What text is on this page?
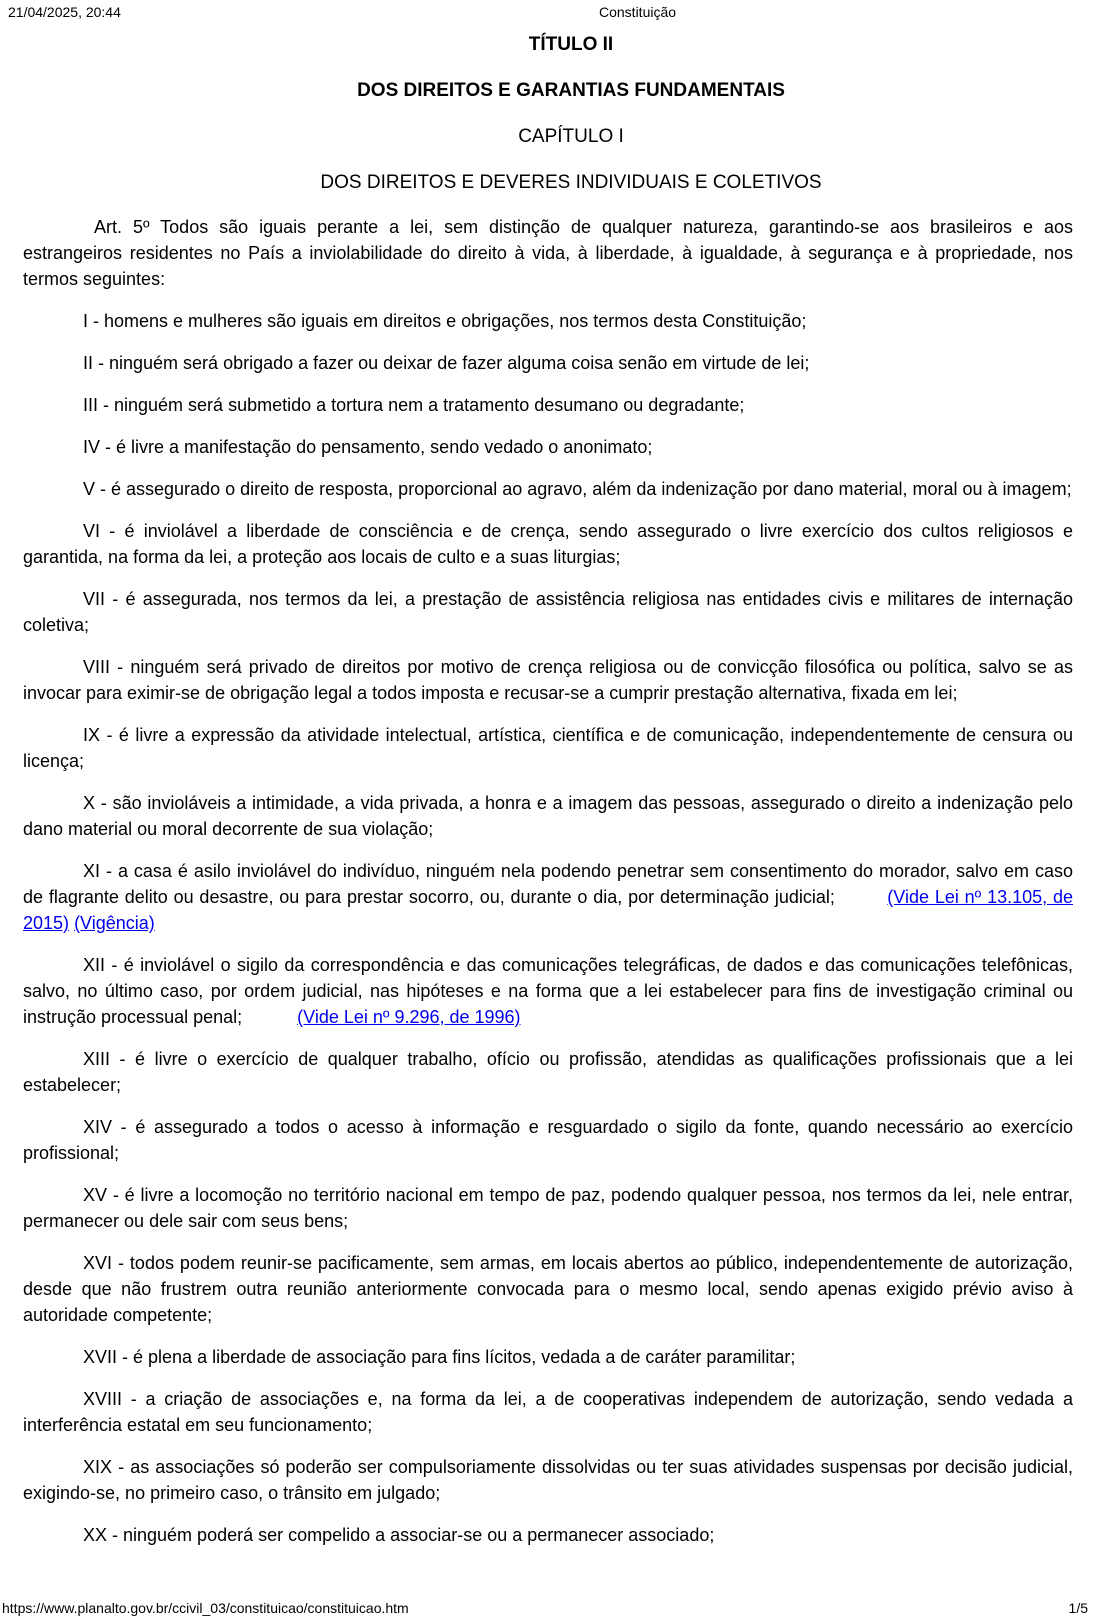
21/04/2025, 20:44	Constituição

TÍTULO II

DOS DIREITOS E GARANTIAS FUNDAMENTAIS

CAPÍTULO I

DOS DIREITOS E DEVERES INDIVIDUAIS E COLETIVOS

Art. 5º Todos são iguais perante a lei, sem distinção de qualquer natureza, garantindo-se aos brasileiros e aos estrangeiros residentes no País a inviolabilidade do direito à vida, à liberdade, à igualdade, à segurança e à propriedade, nos termos seguintes:

I - homens e mulheres são iguais em direitos e obrigações, nos termos desta Constituição;

II - ninguém será obrigado a fazer ou deixar de fazer alguma coisa senão em virtude de lei;

III - ninguém será submetido a tortura nem a tratamento desumano ou degradante;

IV - é livre a manifestação do pensamento, sendo vedado o anonimato;

V - é assegurado o direito de resposta, proporcional ao agravo, além da indenização por dano material, moral ou à imagem;

VI - é inviolável a liberdade de consciência e de crença, sendo assegurado o livre exercício dos cultos religiosos e garantida, na forma da lei, a proteção aos locais de culto e a suas liturgias;

VII - é assegurada, nos termos da lei, a prestação de assistência religiosa nas entidades civis e militares de internação coletiva;

VIII - ninguém será privado de direitos por motivo de crença religiosa ou de convicção filosófica ou política, salvo se as invocar para eximir-se de obrigação legal a todos imposta e recusar-se a cumprir prestação alternativa, fixada em lei;

IX - é livre a expressão da atividade intelectual, artística, científica e de comunicação, independentemente de censura ou licença;

X - são invioláveis a intimidade, a vida privada, a honra e a imagem das pessoas, assegurado o direito a indenização pelo dano material ou moral decorrente de sua violação;

XI - a casa é asilo inviolável do indivíduo, ninguém nela podendo penetrar sem consentimento do morador, salvo em caso de flagrante delito ou desastre, ou para prestar socorro, ou, durante o dia, por determinação judicial;         (Vide Lei nº 13.105, de 2015) (Vigência)

XII - é inviolável o sigilo da correspondência e das comunicações telegráficas, de dados e das comunicações telefônicas, salvo, no último caso, por ordem judicial, nas hipóteses e na forma que a lei estabelecer para fins de investigação criminal ou instrução processual penal;           (Vide Lei nº 9.296, de 1996)

XIII - é livre o exercício de qualquer trabalho, ofício ou profissão, atendidas as qualificações profissionais que a lei estabelecer;

XIV - é assegurado a todos o acesso à informação e resguardado o sigilo da fonte, quando necessário ao exercício profissional;

XV - é livre a locomoção no território nacional em tempo de paz, podendo qualquer pessoa, nos termos da lei, nele entrar, permanecer ou dele sair com seus bens;

XVI - todos podem reunir-se pacificamente, sem armas, em locais abertos ao público, independentemente de autorização, desde que não frustrem outra reunião anteriormente convocada para o mesmo local, sendo apenas exigido prévio aviso à autoridade competente;

XVII - é plena a liberdade de associação para fins lícitos, vedada a de caráter paramilitar;

XVIII - a criação de associações e, na forma da lei, a de cooperativas independem de autorização, sendo vedada a interferência estatal em seu funcionamento;

XIX - as associações só poderão ser compulsoriamente dissolvidas ou ter suas atividades suspensas por decisão judicial, exigindo-se, no primeiro caso, o trânsito em julgado;

XX - ninguém poderá ser compelido a associar-se ou a permanecer associado;

https://www.planalto.gov.br/ccivil_03/constituicao/constituicao.htm	1/5
